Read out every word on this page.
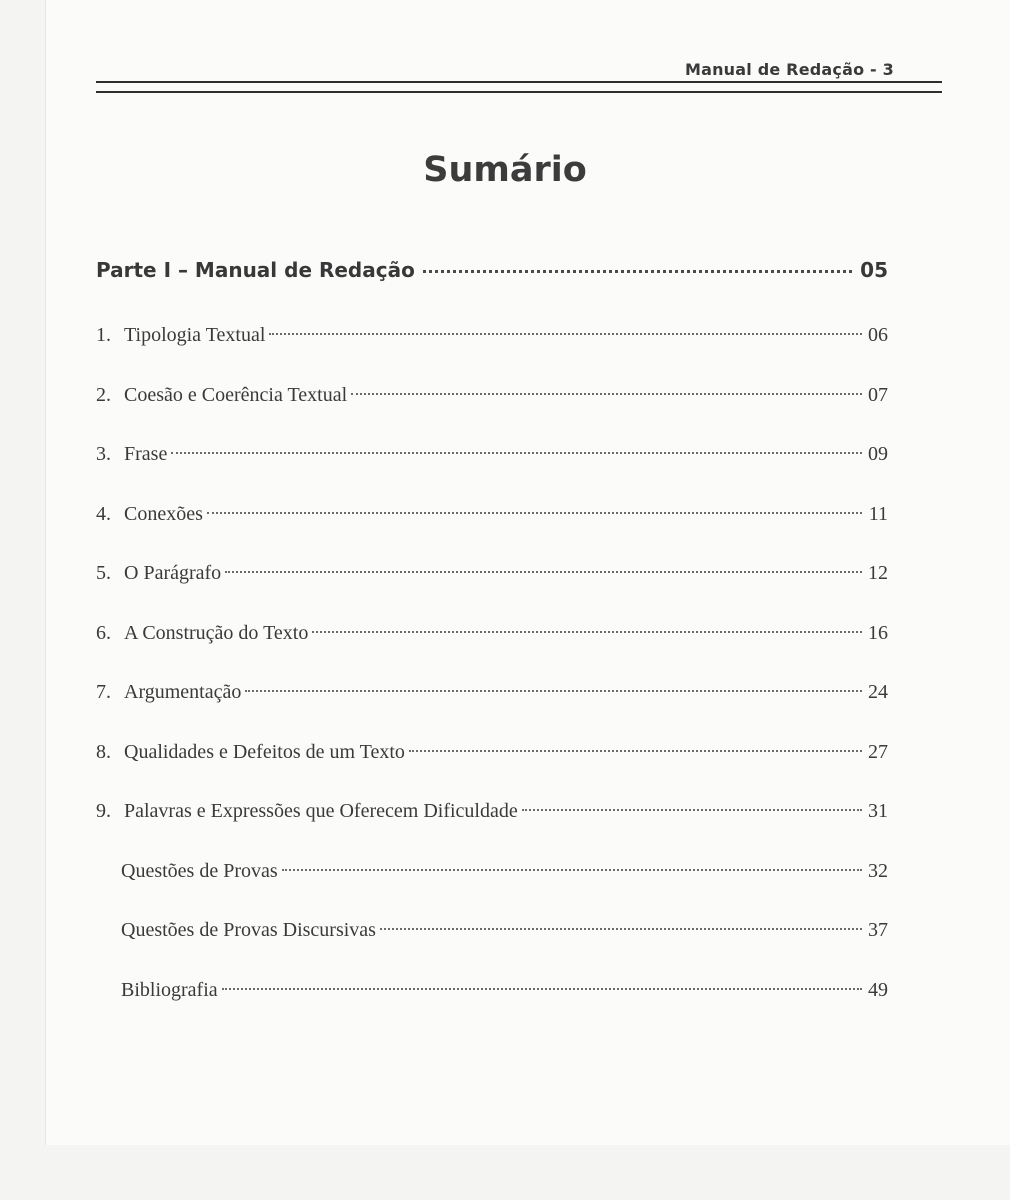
Manual de Redação - 3
Sumário
Parte I – Manual de Redação	05
1. Tipologia Textual	06
2. Coesão e Coerência Textual	07
3. Frase	09
4. Conexões	11
5. O Parágrafo	12
6. A Construção do Texto	16
7. Argumentação	24
8. Qualidades e Defeitos de um Texto	27
9. Palavras e Expressões que Oferecem Dificuldade	31
Questões de Provas	32
Questões de Provas Discursivas	37
Bibliografia	49
